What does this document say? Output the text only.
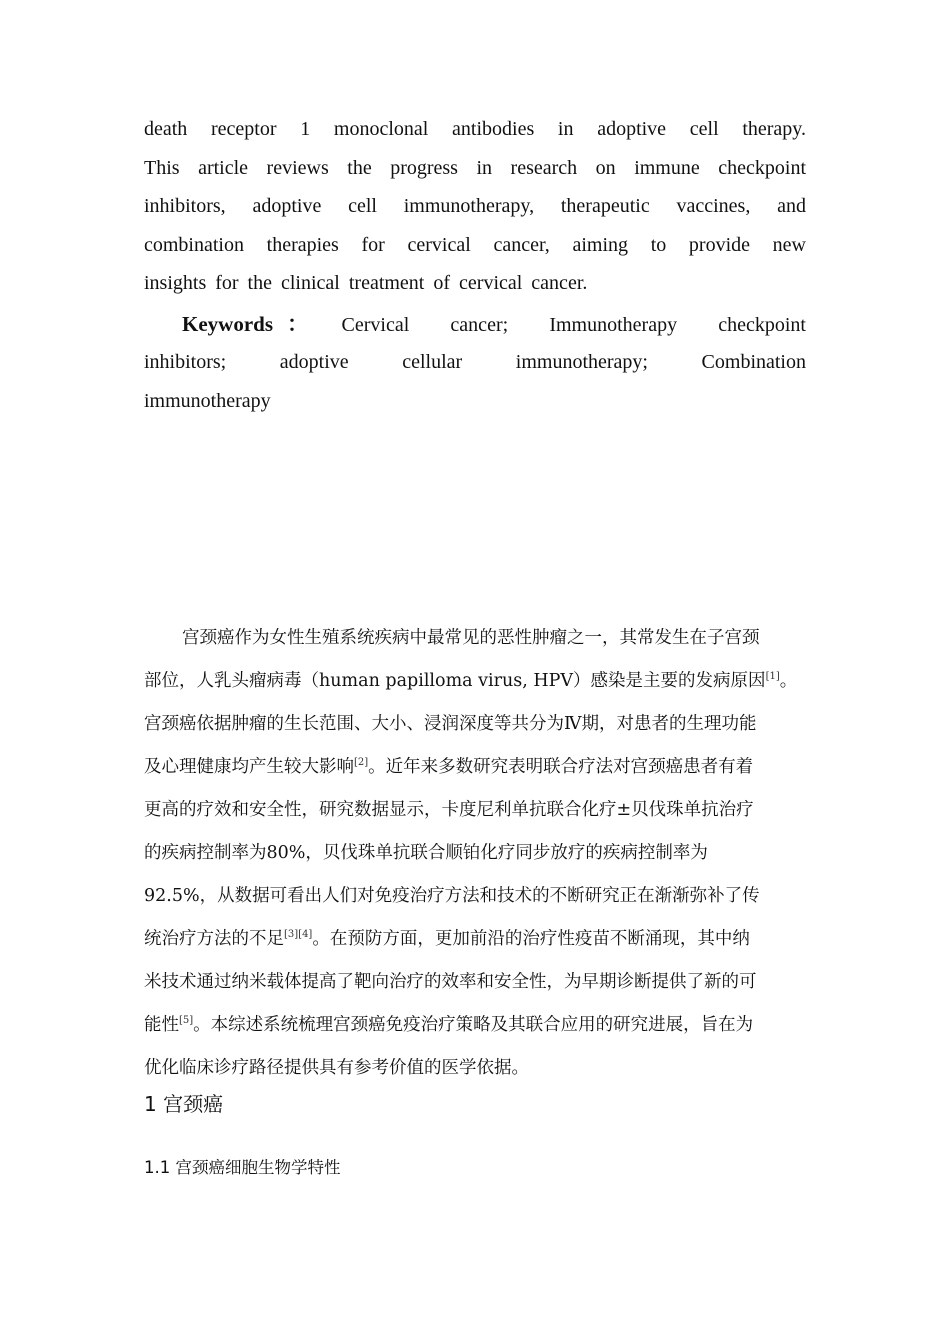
death receptor 1 monoclonal antibodies in adoptive cell therapy.
This article reviews the progress in research on immune checkpoint
inhibitors, adoptive cell immunotherapy, therapeutic vaccines, and
combination therapies for cervical cancer, aiming to provide new
insights for the clinical treatment of cervical cancer.
Keywords： Cervical cancer; Immunotherapy checkpoint
inhibitors; adoptive cellular immunotherapy; Combination
immunotherapy
宫颈癌作为女性生殖系统疾病中最常见的恶性肿瘤之一，其常发生在子宫颈
部位，人乳头瘤病毒（human papilloma virus, HPV）感染是主要的发病原因[1]。
宫颈癌依据肿瘤的生长范围、大小、浸润深度等共分为Ⅳ期，对患者的生理功能
及心理健康均产生较大影响[2]。近年来多数研究表明联合疗法对宫颈癌患者有着
更高的疗效和安全性，研究数据显示，卡度尼利单抗联合化疗±贝伐珠单抗治疗
的疾病控制率为80%，贝伐珠单抗联合顺铂化疗同步放疗的疾病控制率为
92.5%，从数据可看出人们对免疫治疗方法和技术的不断研究正在渐渐弥补了传
统治疗方法的不足[3][4]。在预防方面，更加前沿的治疗性疫苗不断涌现，其中纳
米技术通过纳米载体提高了靶向治疗的效率和安全性，为早期诊断提供了新的可
能性[5]。本综述系统梳理宫颈癌免疫治疗策略及其联合应用的研究进展，旨在为
优化临床诊疗路径提供具有参考价值的医学依据。
1 宫颈癌
1.1 宫颈癌细胞生物学特性
